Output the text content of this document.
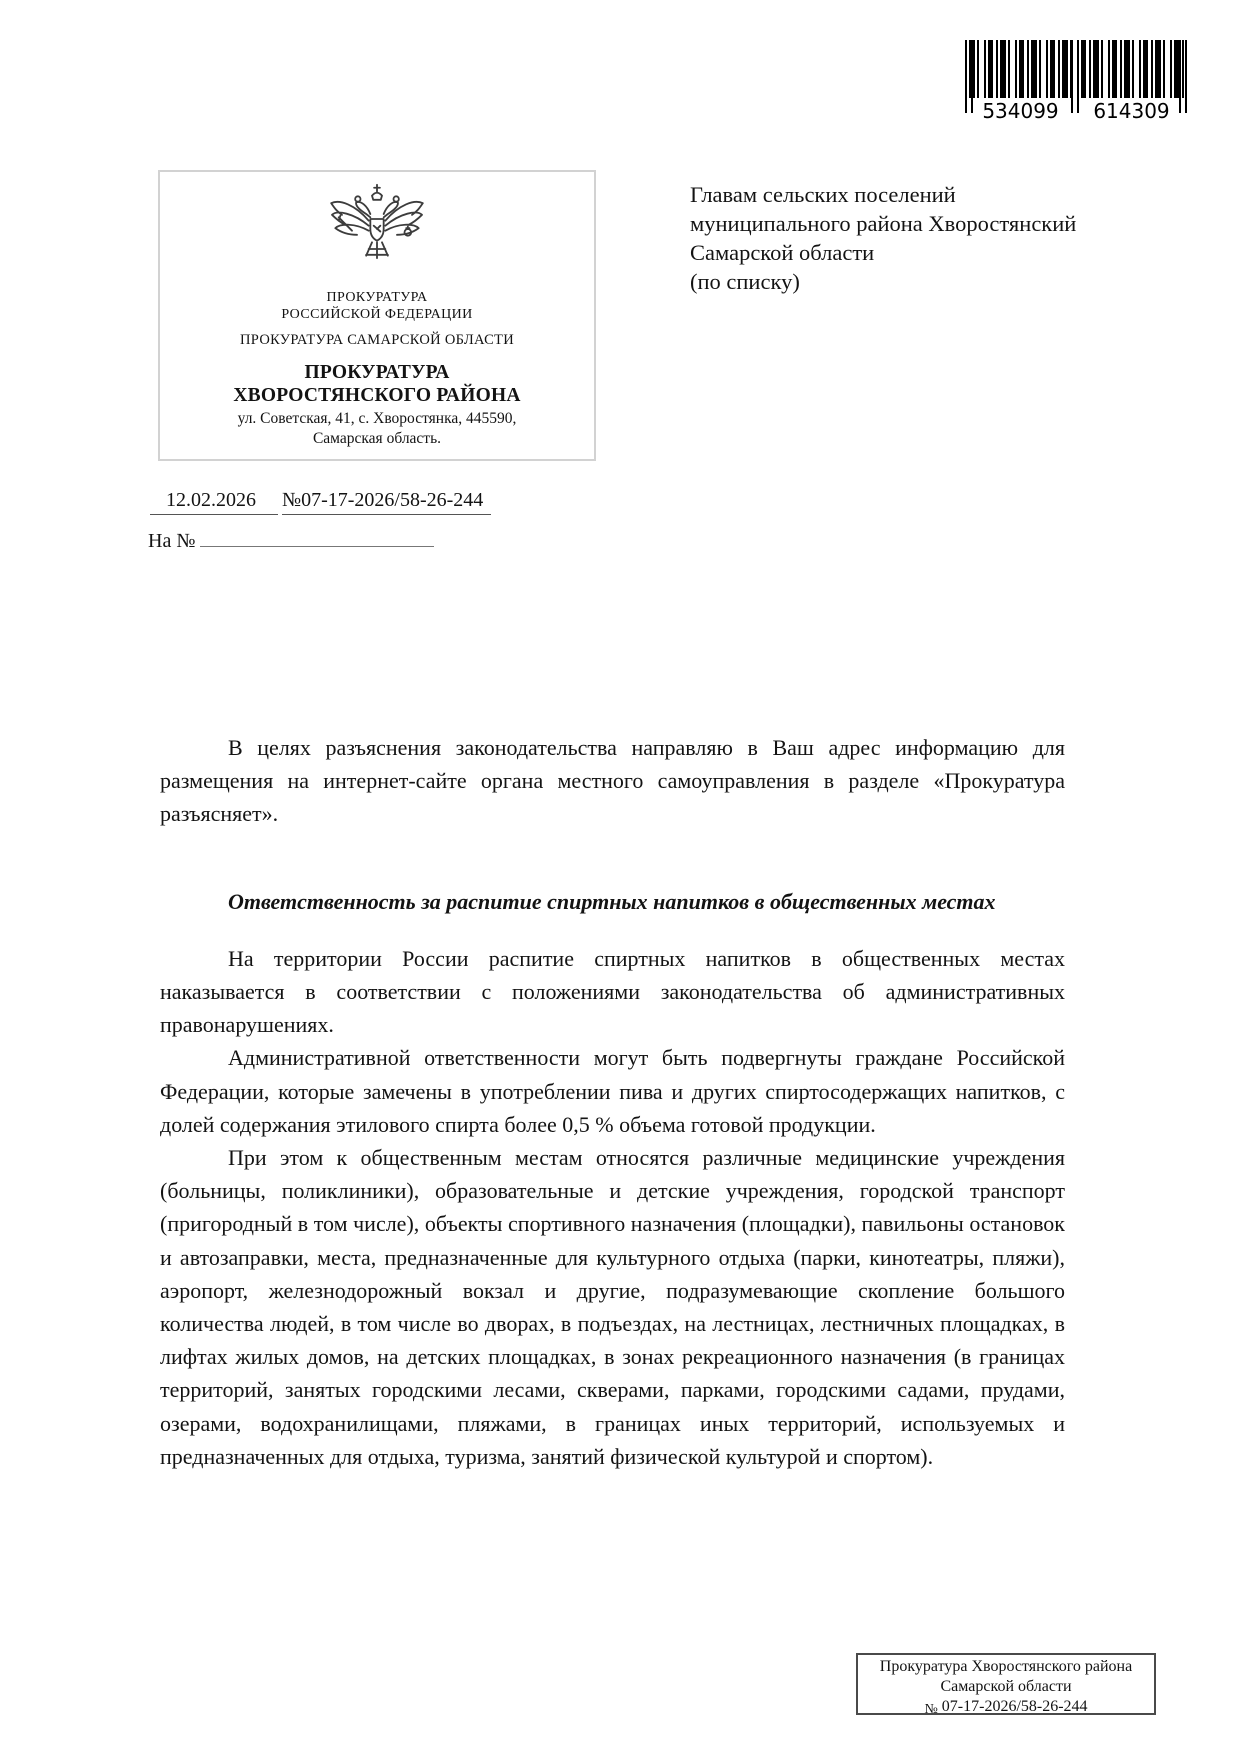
534099	614309
ПРОКУРАТУРА
РОССИЙСКОЙ ФЕДЕРАЦИИ
ПРОКУРАТУРА САМАРСКОЙ ОБЛАСТИ
ПРОКУРАТУРА
ХВОРОСТЯНСКОГО РАЙОНА
ул. Советская, 41, с. Хворостянка, 445590,
Самарская область.
Главам сельских поселений
муниципального района Хворостянский
Самарской области
(по списку)
12.02.2026 №07-17-2026/58-26-244
На №

В целях разъяснения законодательства направляю в Ваш адрес информацию для размещения на интернет-сайте органа местного самоуправления в разделе «Прокуратура разъясняет».

Ответственность за распитие спиртных напитков в общественных местах

На территории России распитие спиртных напитков в общественных местах наказывается в соответствии с положениями законодательства об административных правонарушениях.

Административной ответственности могут быть подвергнуты граждане Российской Федерации, которые замечены в употреблении пива и других спиртосодержащих напитков, с долей содержания этилового спирта более 0,5 % объема готовой продукции.

При этом к общественным местам относятся различные медицинские учреждения (больницы, поликлиники), образовательные и детские учреждения, городской транспорт (пригородный в том числе), объекты спортивного назначения (площадки), павильоны остановок и автозаправки, места, предназначенные для культурного отдыха (парки, кинотеатры, пляжи), аэропорт, железнодорожный вокзал и другие, подразумевающие скопление большого количества людей, в том числе во дворах, в подъездах, на лестницах, лестничных площадках, в лифтах жилых домов, на детских площадках, в зонах рекреационного назначения (в границах территорий, занятых городскими лесами, скверами, парками, городскими садами, прудами, озерами, водохранилищами, пляжами, в границах иных территорий, используемых и предназначенных для отдыха, туризма, занятий физической культурой и спортом).

Прокуратура Хворостянского района
Самарской области
№ 07-17-2026/58-26-244
